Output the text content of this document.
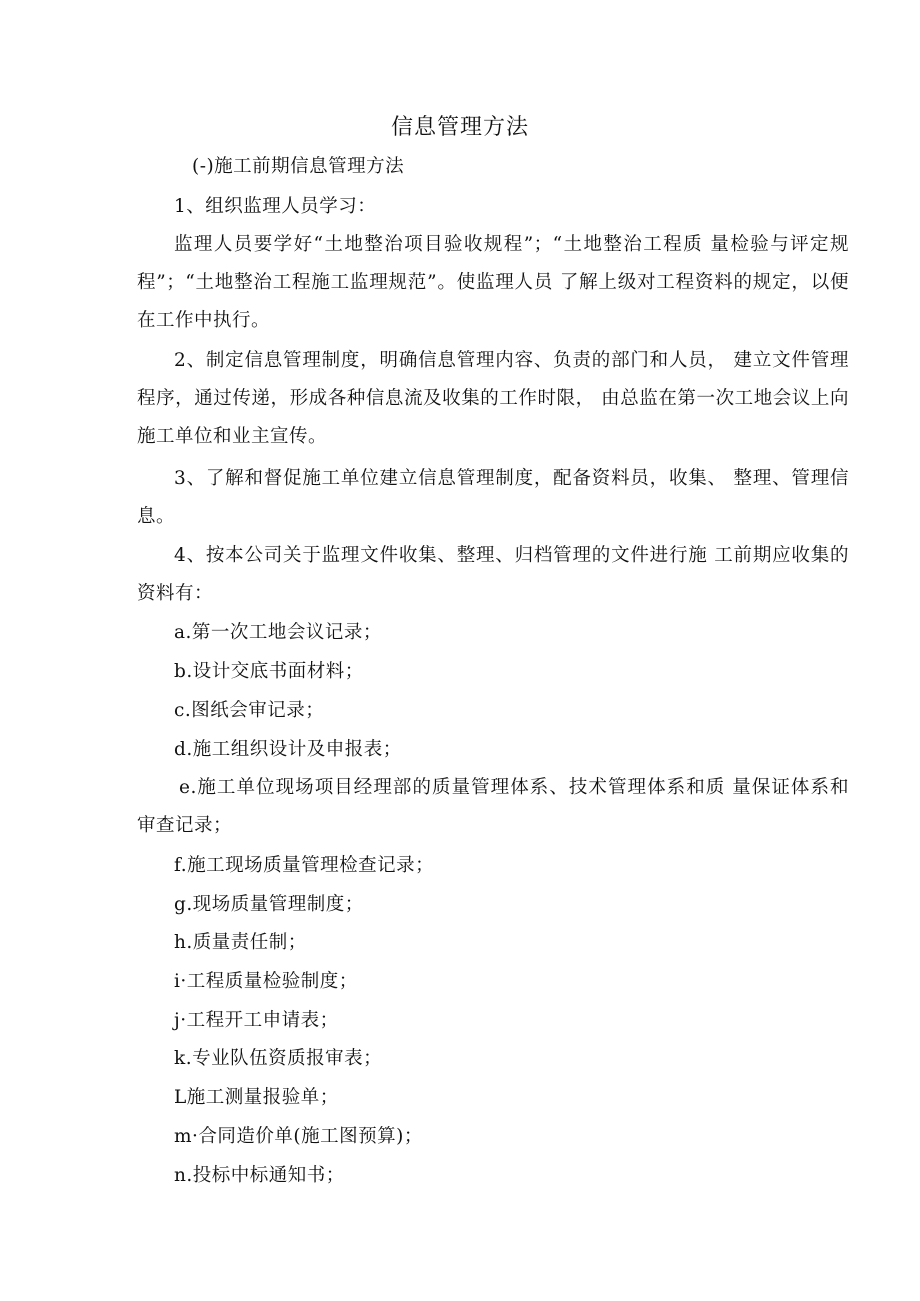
信息管理方法
(-)施工前期信息管理方法
1、组织监理人员学习：
监理人员要学好“土地整治项目验收规程”；“土地整治工程质 量检验与评定规程”；“土地整治工程施工监理规范”。使监理人员 了解上级对工程资料的规定，以便在工作中执行。
2、制定信息管理制度，明确信息管理内容、负责的部门和人员， 建立文件管理程序，通过传递，形成各种信息流及收集的工作时限， 由总监在第一次工地会议上向施工单位和业主宣传。
3、了解和督促施工单位建立信息管理制度，配备资料员，收集、 整理、管理信息。
4、按本公司关于监理文件收集、整理、归档管理的文件进行施 工前期应收集的资料有：
a.第一次工地会议记录；
b.设计交底书面材料；
c.图纸会审记录；
d.施工组织设计及申报表；
e.施工单位现场项目经理部的质量管理体系、技术管理体系和质 量保证体系和审查记录；
f.施工现场质量管理检查记录；
g.现场质量管理制度；
h.质量责任制；
i·工程质量检验制度；
j·工程开工申请表；
k.专业队伍资质报审表；
L施工测量报验单；
m·合同造价单(施工图预算)；
n.投标中标通知书；
